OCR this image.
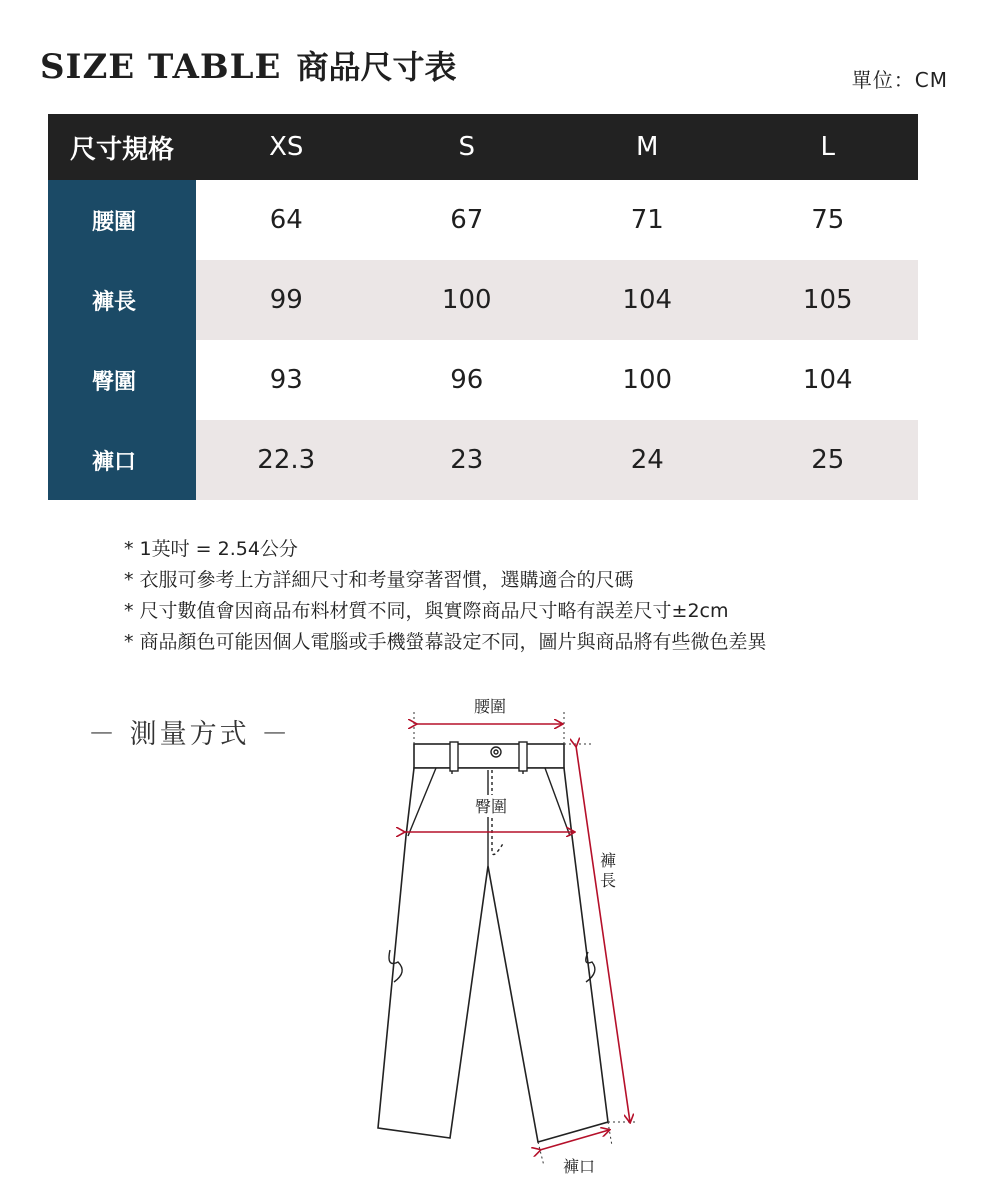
SIZE TABLE 商品尺寸表	單位：CM
尺寸規格	XS	S	M	L
腰圍	64	67	71	75
褲長	99	100	104	105
臀圍	93	96	100	104
褲口	22.3	23	24	25
* 1英吋 = 2.54公分
* 衣服可參考上方詳細尺寸和考量穿著習慣，選購適合的尺碼
* 尺寸數值會因商品布料材質不同，與實際商品尺寸略有誤差尺寸±2cm
* 商品顏色可能因個人電腦或手機螢幕設定不同，圖片與商品將有些微色差異
－ 測量方式 －
腰圍
臀圍
褲
長
褲口
